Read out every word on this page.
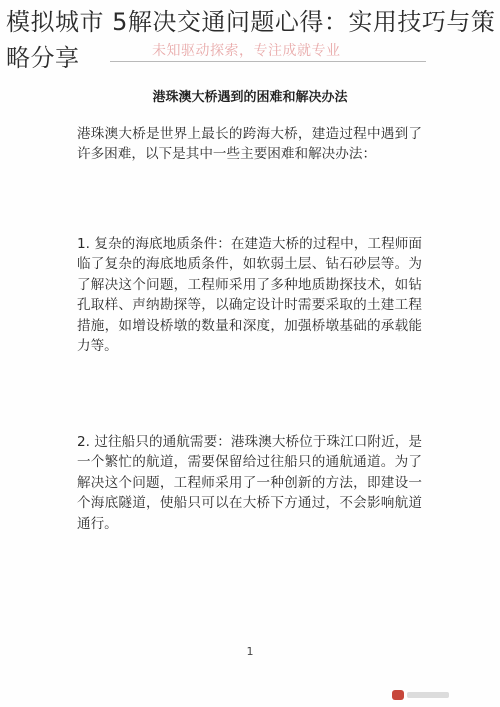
模拟城市 5解决交通问题心得：实用技巧与策略分享	未知驱动探索，专注成就专业
港珠澳大桥遇到的困难和解决办法
港珠澳大桥是世界上最长的跨海大桥，建造过程中遇到了许多困难，以下是其中一些主要困难和解决办法：
1. 复杂的海底地质条件：在建造大桥的过程中，工程师面临了复杂的海底地质条件，如软弱土层、钻石砂层等。为了解决这个问题，工程师采用了多种地质勘探技术，如钻孔取样、声纳勘探等，以确定设计时需要采取的土建工程措施，如增设桥墩的数量和深度，加强桥墩基础的承载能力等。
2. 过往船只的通航需要：港珠澳大桥位于珠江口附近，是一个繁忙的航道，需要保留给过往船只的通航通道。为了解决这个问题，工程师采用了一种创新的方法，即建设一个海底隧道，使船只可以在大桥下方通过，不会影响航道通行。
1
